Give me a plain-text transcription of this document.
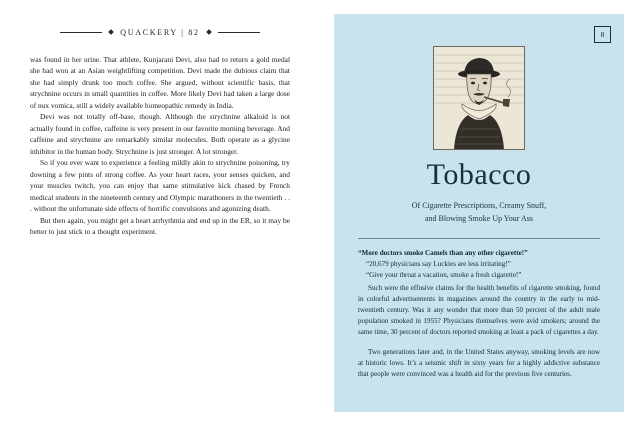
QUACKERY | 82

was found in her urine. That athlete, Kunjarani Devi, also had to return a gold medal she had won at an Asian weightlifting competition. Devi made the dubious claim that she had simply drunk too much coffee. She argued, without scientific basis, that strychnine occurs in small quantities in coffee. More likely Devi had taken a large dose of nux vomica, still a widely available homeopathic remedy in India.

Devi was not totally off-base, though. Although the strychnine alkaloid is not actually found in coffee, caffeine is very present in our favorite morning beverage. And caffeine and strychnine are remarkably similar molecules. Both operate as a glycine inhibitor in the human body. Strychnine is just stronger. A lot stronger.

So if you ever want to experience a feeling mildly akin to strychnine poisoning, try downing a few pints of strong coffee. As your heart races, your senses quicken, and your muscles twitch, you can enjoy that same stimulative kick chased by French medical students in the nineteenth century and Olympic marathoners in the twentieth . . . without the unfortunate side effects of horrific convulsions and agonizing death.

But then again, you might get a heart arrhythmia and end up in the ER, so it may be better to just stick to a thought experiment.

8
Tobacco
Of Cigarette Prescriptions, Creamy Snuff,
and Blowing Smoke Up Your Ass

“More doctors smoke Camels than any other cigarette!”

“20,679 physicians say Luckies are less irritating!”

“Give your throat a vacation, smoke a fresh cigarette!”

Such were the effusive claims for the health benefits of cigarette smoking, found in colorful advertisements in magazines around the country in the early to mid-twentieth century. Was it any wonder that more than 50 percent of the adult male population smoked in 1955? Physicians themselves were avid smokers; around the same time, 30 percent of doctors reported smoking at least a pack of cigarettes a day.

Two generations later and, in the United States anyway, smoking levels are now at historic lows. It’s a seismic shift in sixty years for a highly addictive substance that people were convinced was a health aid for the previous five centuries.
